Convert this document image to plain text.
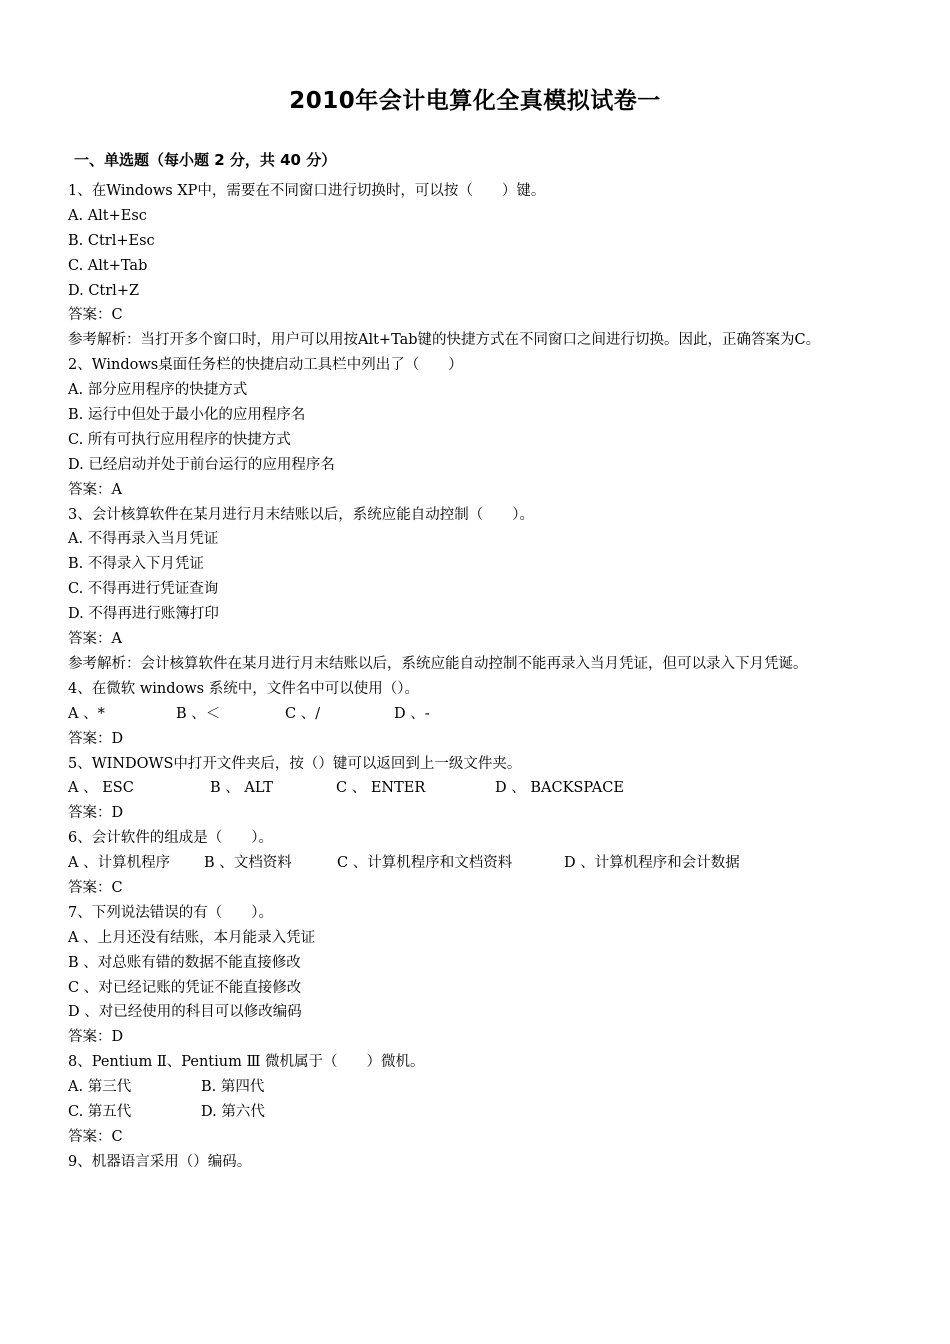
2010年会计电算化全真模拟试卷一
一、单选题（每小题 2 分，共 40 分）
1、在Windows XP中，需要在不同窗口进行切换时，可以按（　　）键。
A. Alt+Esc
B. Ctrl+Esc
C. Alt+Tab
D. Ctrl+Z
答案：C
参考解析：当打开多个窗口时，用户可以用按Alt+Tab键的快捷方式在不同窗口之间进行切换。因此，正确答案为C。
2、Windows桌面任务栏的快捷启动工具栏中列出了（　　）
A. 部分应用程序的快捷方式
B. 运行中但处于最小化的应用程序名
C. 所有可执行应用程序的快捷方式
D. 已经启动并处于前台运行的应用程序名
答案：A
3、会计核算软件在某月进行月末结账以后，系统应能自动控制（　　）。
A. 不得再录入当月凭证
B. 不得录入下月凭证
C. 不得再进行凭证查询
D. 不得再进行账簿打印
答案：A
参考解析：会计核算软件在某月进行月末结账以后，系统应能自动控制不能再录入当月凭证，但可以录入下月凭诞。
4、在微软 windows 系统中，文件名中可以使用（）。
A 、*	B 、＜	C 、/	D 、-
答案：D
5、WINDOWS中打开文件夹后，按（）键可以返回到上一级文件夹。
A 、 ESC	B 、 ALT	C 、 ENTER	D 、 BACKSPACE
答案：D
6、会计软件的组成是（　　）。
A 、计算机程序	B 、文档资料	C 、计算机程序和文档资料	D 、计算机程序和会计数据
答案：C
7、下列说法错误的有（　　）。
A 、上月还没有结账，本月能录入凭证
B 、对总账有错的数据不能直接修改
C 、对已经记账的凭证不能直接修改
D 、对已经使用的科目可以修改编码
答案：D
8、Pentium Ⅱ、Pentium Ⅲ 微机属于（　　）微机。
A. 第三代	B. 第四代
C. 第五代	D. 第六代
答案：C
9、机器语言采用（）编码。
